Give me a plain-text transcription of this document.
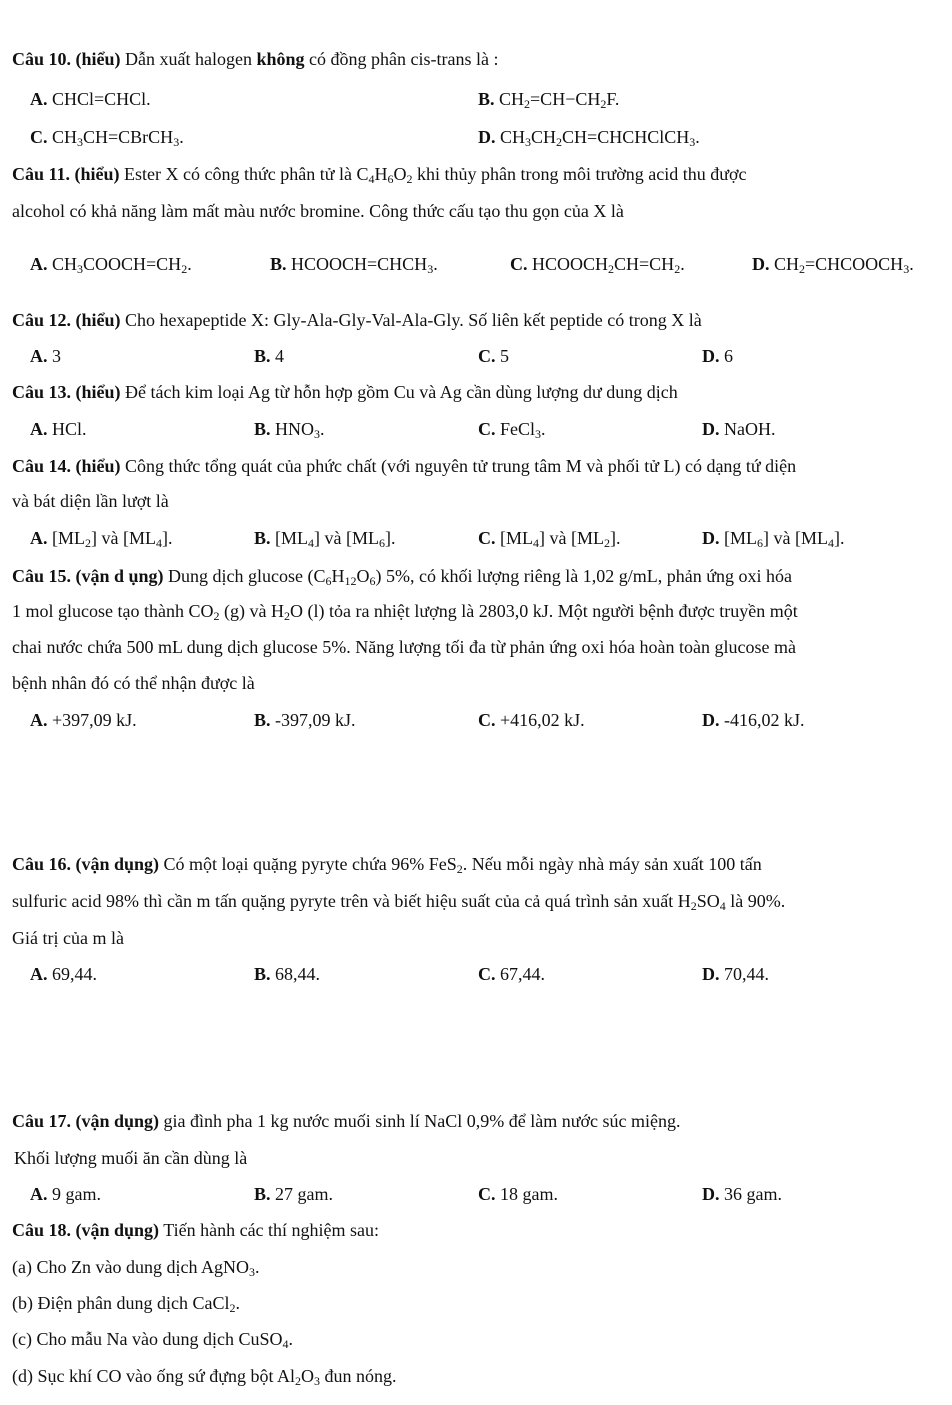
Câu 10. (hiểu) Dẫn xuất halogen không có đồng phân cis-trans là :
A. CHCl=CHCl.	B. $CH_2=CH-CH_2F$.
C. $CH_3CH=CBrCH_3$.	D. $CH_3CH_2CH=CHCHClCH_3$.
Câu 11. (hiểu) Ester X có công thức phân tử là $C_4H_6O_2$ khi thủy phân trong môi trường acid thu được
alcohol có khả năng làm mất màu nước bromine. Công thức cấu tạo thu gọn của X là
A. $CH_3COOCH=CH_2$.	B. $HCOOCH=CHCH_3$.	C. $HCOOCH_2CH=CH_2$.	D. $CH_2=CHCOOCH_3$.
Câu 12. (hiểu) Cho hexapeptide X: Gly-Ala-Gly-Val-Ala-Gly. Số liên kết peptide có trong X là
A. 3	B. 4	C. 5	D. 6
Câu 13. (hiểu) Để tách kim loại Ag từ hỗn hợp gồm Cu và Ag cần dùng lượng dư dung dịch
A. HCl.	B. $HNO_3$.	C. FeCl$_3$.	D. NaOH.
Câu 14. (hiểu) Công thức tổng quát của phức chất (với nguyên tử trung tâm M và phối tử L) có dạng tứ diện
và bát diện lần lượt là
A. $[ML_2]$ và $[ML_4]$.	B. $[ML_4]$ và $[ML_6]$.	C. $[ML_4]$ và $[ML_2]$.	D. $[ML_6]$ và $[ML_4]$.
Câu 15. (vận d ụng) Dung dịch glucose $(C_6H_{12}O_6)$ 5%, có khối lượng riêng là 1,02 g/mL, phản ứng oxi hóa
1 mol glucose tạo thành $CO_2$ (g) và $H_2O$ (l) tỏa ra nhiệt lượng là 2803,0 kJ. Một người bệnh được truyền một
chai nước chứa 500 mL dung dịch glucose 5%. Năng lượng tối đa từ phản ứng oxi hóa hoàn toàn glucose mà
bệnh nhân đó có thể nhận được là
A. +397,09 kJ.	B. -397,09 kJ.	C. +416,02 kJ.	D. -416,02 kJ.
Câu 16. (vận dụng) Có một loại quặng pyryte chứa 96% FeS$_2$. Nếu mỗi ngày nhà máy sản xuất 100 tấn
sulfuric acid 98% thì cần m tấn quặng pyryte trên và biết hiệu suất của cả quá trình sản xuất $H_2SO_4$ là 90%.
Giá trị của m là
A. 69,44.	B. 68,44.	C. 67,44.	D. 70,44.
Câu 17. (vận dụng) gia đình pha 1 kg nước muối sinh lí NaCl 0,9% để làm nước súc miệng.
Khối lượng muối ăn cần dùng là
A. 9 gam.	B. 27 gam.	C. 18 gam.	D. 36 gam.
Câu 18. (vận dụng) Tiến hành các thí nghiệm sau:
(a) Cho Zn vào dung dịch AgNO$_3$.
(b) Điện phân dung dịch CaCl$_2$.
(c) Cho mẫu Na vào dung dịch CuSO$_4$.
(d) Sục khí CO vào ống sứ đựng bột $Al_2O_3$ đun nóng.
